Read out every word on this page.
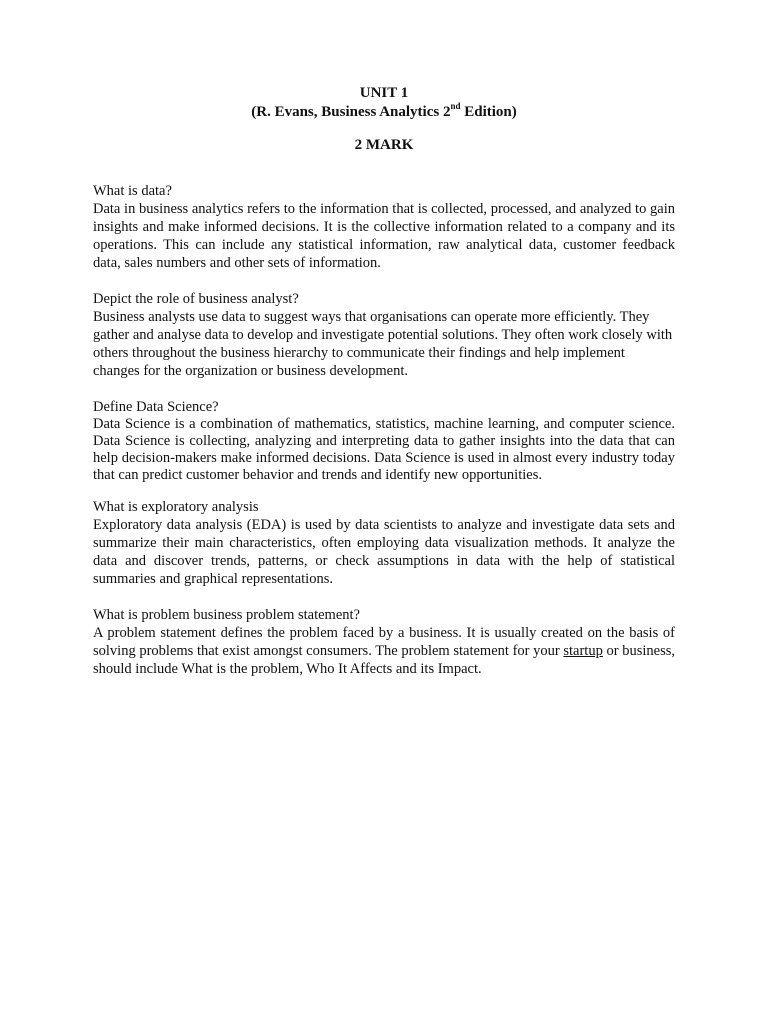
UNIT 1
(R. Evans, Business Analytics 2nd Edition)
2 MARK
What is data?
Data in business analytics refers to the information that is collected, processed, and analyzed to gain insights and make informed decisions. It is the collective information related to a company and its operations. This can include any statistical information, raw analytical data, customer feedback data, sales numbers and other sets of information.
Depict the role of business analyst?
Business analysts use data to suggest ways that organisations can operate more efficiently. They gather and analyse data to develop and investigate potential solutions. They often work closely with others throughout the business hierarchy to communicate their findings and help implement changes for the organization or business development.
Define Data Science?
Data Science is a combination of mathematics, statistics, machine learning, and computer science. Data Science is collecting, analyzing and interpreting data to gather insights into the data that can help decision-makers make informed decisions. Data Science is used in almost every industry today that can predict customer behavior and trends and identify new opportunities.
What is exploratory analysis
Exploratory data analysis (EDA) is used by data scientists to analyze and investigate data sets and summarize their main characteristics, often employing data visualization methods. It analyze the data and discover trends, patterns, or check assumptions in data with the help of statistical summaries and graphical representations.
What is problem business problem statement?
A problem statement defines the problem faced by a business. It is usually created on the basis of solving problems that exist amongst consumers. The problem statement for your startup or business, should include What is the problem, Who It Affects and its Impact.
